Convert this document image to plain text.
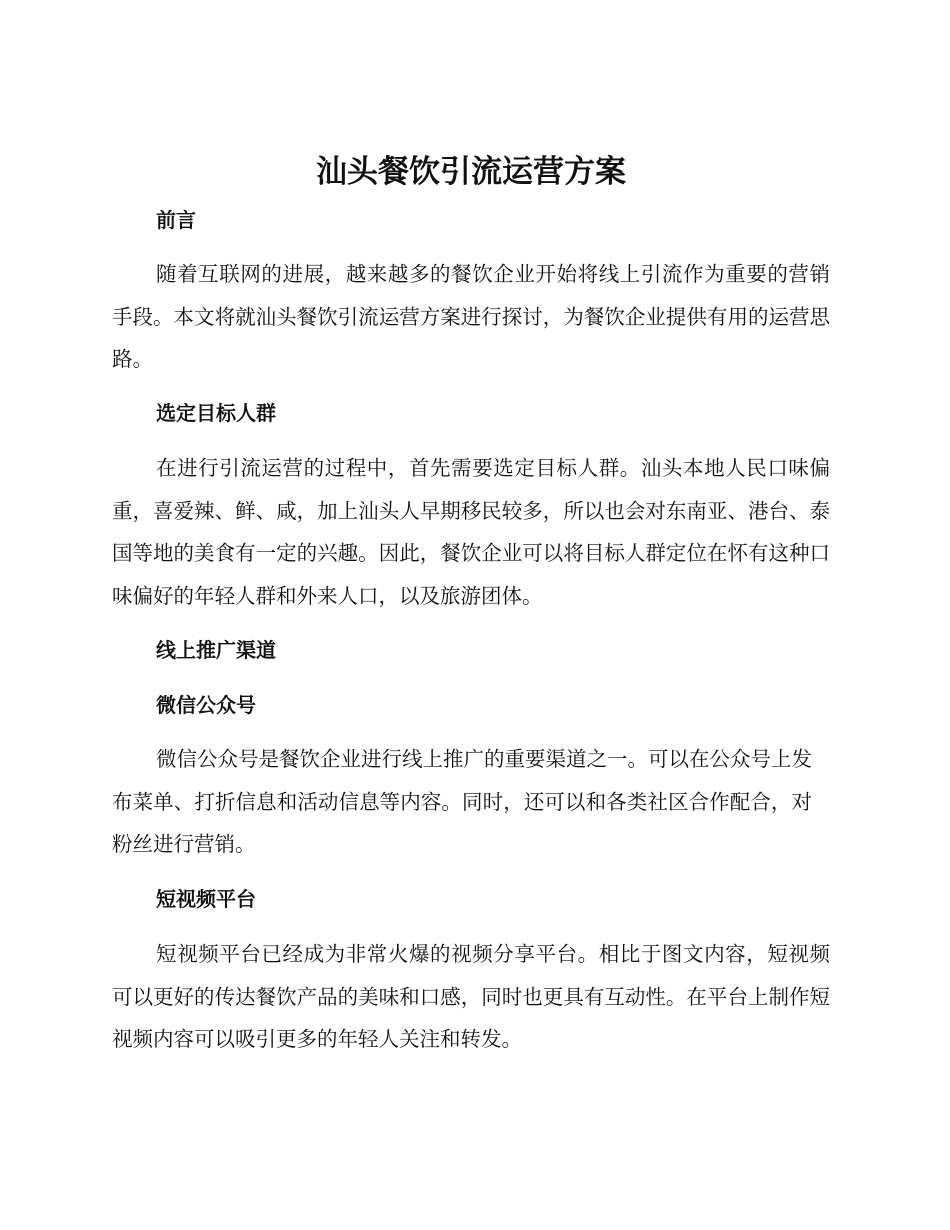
汕头餐饮引流运营方案
前言

随着互联网的进展，越来越多的餐饮企业开始将线上引流作为重要的营销手段。本文将就汕头餐饮引流运营方案进行探讨，为餐饮企业提供有用的运营思路。

选定目标人群

在进行引流运营的过程中，首先需要选定目标人群。汕头本地人民口味偏重，喜爱辣、鲜、咸，加上汕头人早期移民较多，所以也会对东南亚、港台、泰国等地的美食有一定的兴趣。因此，餐饮企业可以将目标人群定位在怀有这种口味偏好的年轻人群和外来人口，以及旅游团体。

线上推广渠道
微信公众号

微信公众号是餐饮企业进行线上推广的重要渠道之一。可以在公众号上发布菜单、打折信息和活动信息等内容。同时，还可以和各类社区合作配合，对粉丝进行营销。

短视频平台

短视频平台已经成为非常火爆的视频分享平台。相比于图文内容，短视频可以更好的传达餐饮产品的美味和口感，同时也更具有互动性。在平台上制作短视频内容可以吸引更多的年轻人关注和转发。
